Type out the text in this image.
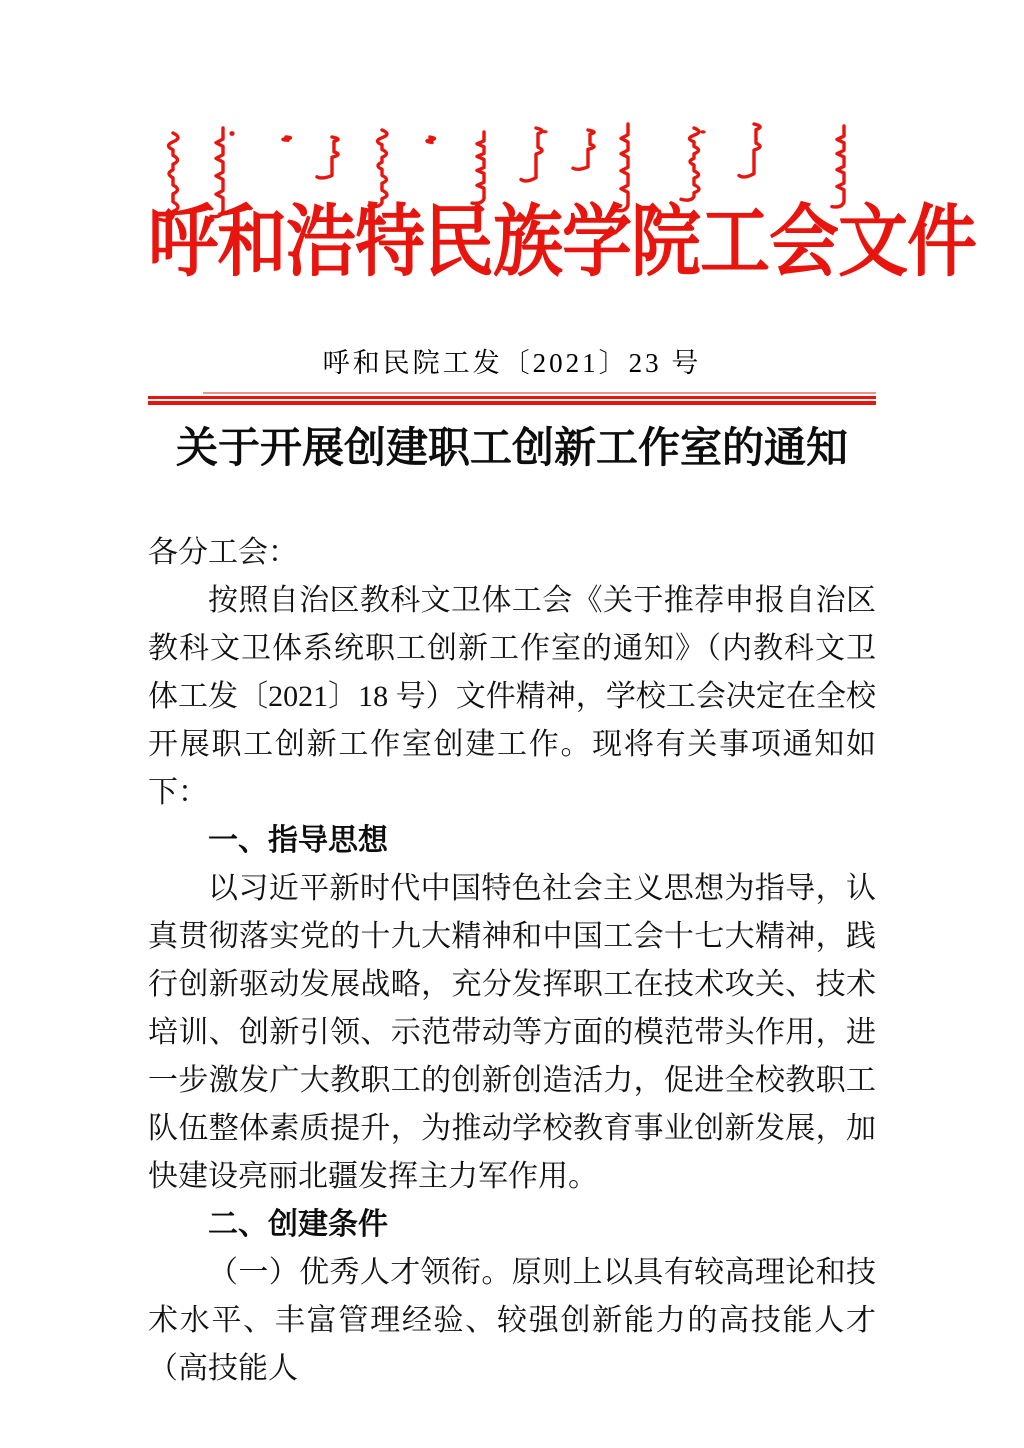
呼和浩特民族学院工会文件
呼和民院工发〔2021〕23 号
关于开展创建职工创新工作室的通知

各分工会：

按照自治区教科文卫体工会《关于推荐申报自治区教科文卫体系统职工创新工作室的通知》（内教科文卫体工发〔2021〕18 号）文件精神，学校工会决定在全校开展职工创新工作室创建工作。现将有关事项通知如下：

一、指导思想

以习近平新时代中国特色社会主义思想为指导，认真贯彻落实党的十九大精神和中国工会十七大精神，践行创新驱动发展战略，充分发挥职工在技术攻关、技术培训、创新引领、示范带动等方面的模范带头作用，进一步激发广大教职工的创新创造活力，促进全校教职工队伍整体素质提升，为推动学校教育事业创新发展，加快建设亮丽北疆发挥主力军作用。

二、创建条件

（一）优秀人才领衔。原则上以具有较高理论和技术水平、丰富管理经验、较强创新能力的高技能人才（高技能人
